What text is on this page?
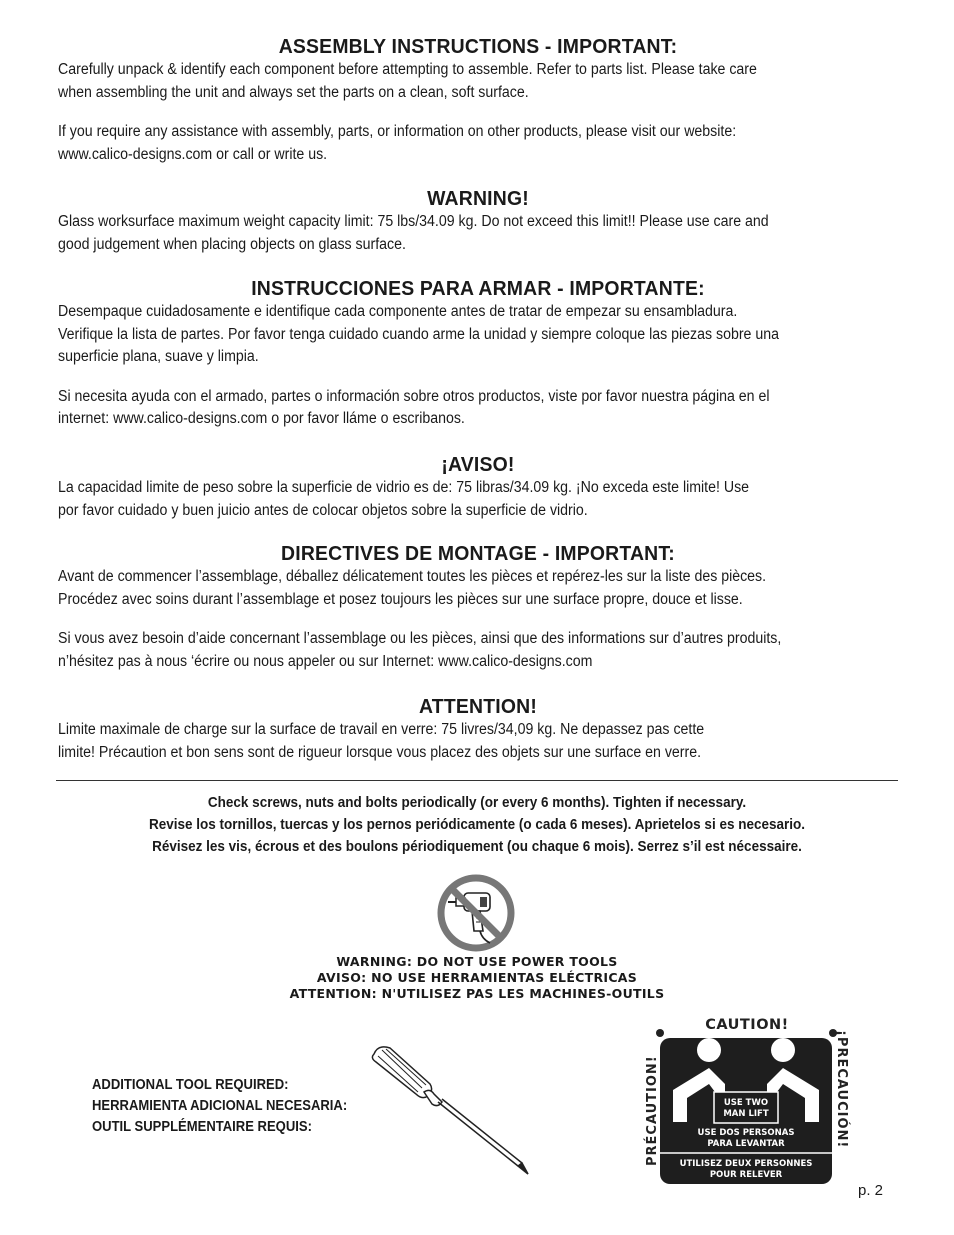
ASSEMBLY INSTRUCTIONS - IMPORTANT:

Carefully unpack & identify each component before attempting to assemble. Refer to parts list. Please take care
when assembling the unit and always set the parts on a clean, soft surface.

If you require any assistance with assembly, parts, or information on other products, please visit our website:
www.calico-designs.com or call or write us.

WARNING!

Glass worksurface maximum weight capacity limit: 75 lbs/34.09 kg. Do not exceed this limit!! Please use care and
good judgement when placing objects on glass surface.

INSTRUCCIONES PARA ARMAR - IMPORTANTE:

Desempaque cuidadosamente e identifique cada componente antes de tratar de empezar su ensambladura.
Verifique la lista de partes. Por favor tenga cuidado cuando arme la unidad y siempre coloque las piezas sobre una
superficie plana, suave y limpia.

Si necesita ayuda con el armado, partes o información sobre otros productos, viste por favor nuestra página en el
internet: www.calico-designs.com o por favor lláme o escribanos.

¡AVISO!

La capacidad limite de peso sobre la superficie de vidrio es de: 75 libras/34.09 kg. ¡No exceda este limite! Use
por favor cuidado y buen juicio antes de colocar objetos sobre la superficie de vidrio.

DIRECTIVES DE MONTAGE - IMPORTANT:

Avant de commencer l’assemblage, déballez délicatement toutes les pièces et repérez-les sur la liste des pièces.
Procédez avec soins durant l’assemblage et posez toujours les pièces sur une surface propre, douce et lisse.

Si vous avez besoin d’aide concernant l’assemblage ou les pièces, ainsi que des informations sur d’autres produits,
n’hésitez pas à nous ‘écrire ou nous appeler ou sur Internet: www.calico-designs.com

ATTENTION!

Limite maximale de charge sur la surface de travail en verre: 75 livres/34,09 kg. Ne depassez pas cette
limite! Précaution et bon sens sont de rigueur lorsque vous placez des objets sur une surface en verre.

Check screws, nuts and bolts periodically (or every 6 months). Tighten if necessary.
Revise los tornillos, tuercas y los pernos periódicamente (o cada 6 meses). Aprietelos si es necesario.
Révisez les vis, écrous et des boulons périodiquement (ou chaque 6 mois). Serrez s’il est nécessaire.
WARNING: DO NOT USE POWER TOOLS
AVISO: NO USE HERRAMIENTAS ELÉCTRICAS
ATTENTION: N'UTILISEZ PAS LES MACHINES-OUTILS
ADDITIONAL TOOL REQUIRED:
HERRAMIENTA ADICIONAL NECESARIA:
OUTIL SUPPLÉMENTAIRE REQUIS:
CAUTION!
PRÉCAUTION!	¡PRECAUCIÓN!
USE TWO
MAN LIFT
USE DOS PERSONAS
PARA LEVANTAR
UTILISEZ DEUX PERSONNES
POUR RELEVER
p. 2
